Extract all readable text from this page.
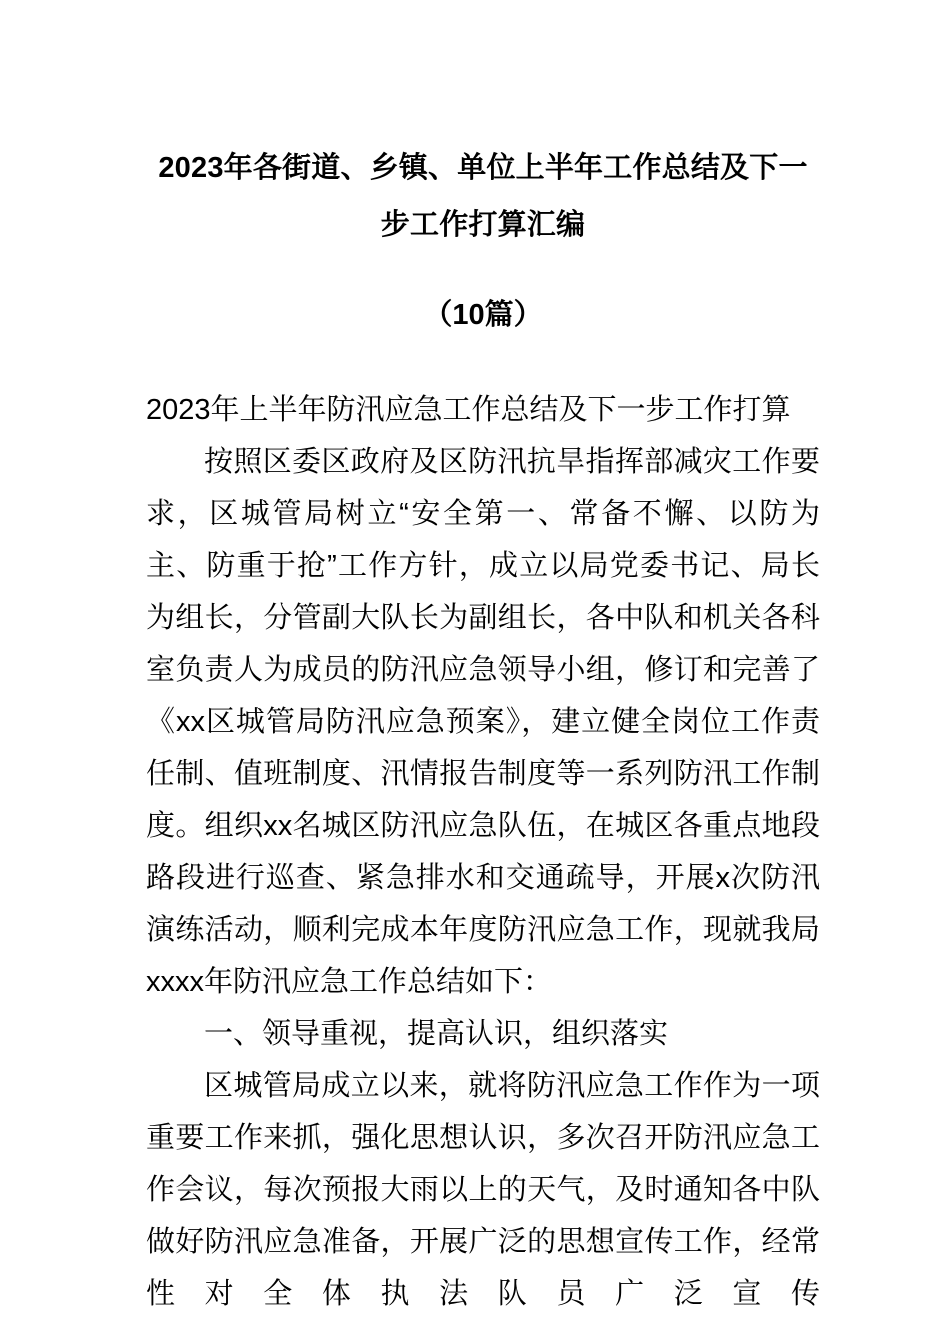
2023年各街道、乡镇、单位上半年工作总结及下一步工作打算汇编

（10篇）

2023年上半年防汛应急工作总结及下一步工作打算

按照区委区政府及区防汛抗旱指挥部减灾工作要求，区城管局树立“安全第一、常备不懈、以防为主、防重于抢”工作方针，成立以局党委书记、局长为组长，分管副大队长为副组长，各中队和机关各科室负责人为成员的防汛应急领导小组，修订和完善了《xx区城管局防汛应急预案》，建立健全岗位工作责任制、值班制度、汛情报告制度等一系列防汛工作制度。组织xx名城区防汛应急队伍，在城区各重点地段路段进行巡查、紧急排水和交通疏导，开展x次防汛演练活动，顺利完成本年度防汛应急工作，现就我局xxxx年防汛应急工作总结如下：

一、领导重视，提高认识，组织落实

区城管局成立以来，就将防汛应急工作作为一项重要工作来抓，强化思想认识，多次召开防汛应急工作会议，每次预报大雨以上的天气，及时通知各中队做好防汛应急准备，开展广泛的思想宣传工作，经常性对全体执法队员广泛宣传
